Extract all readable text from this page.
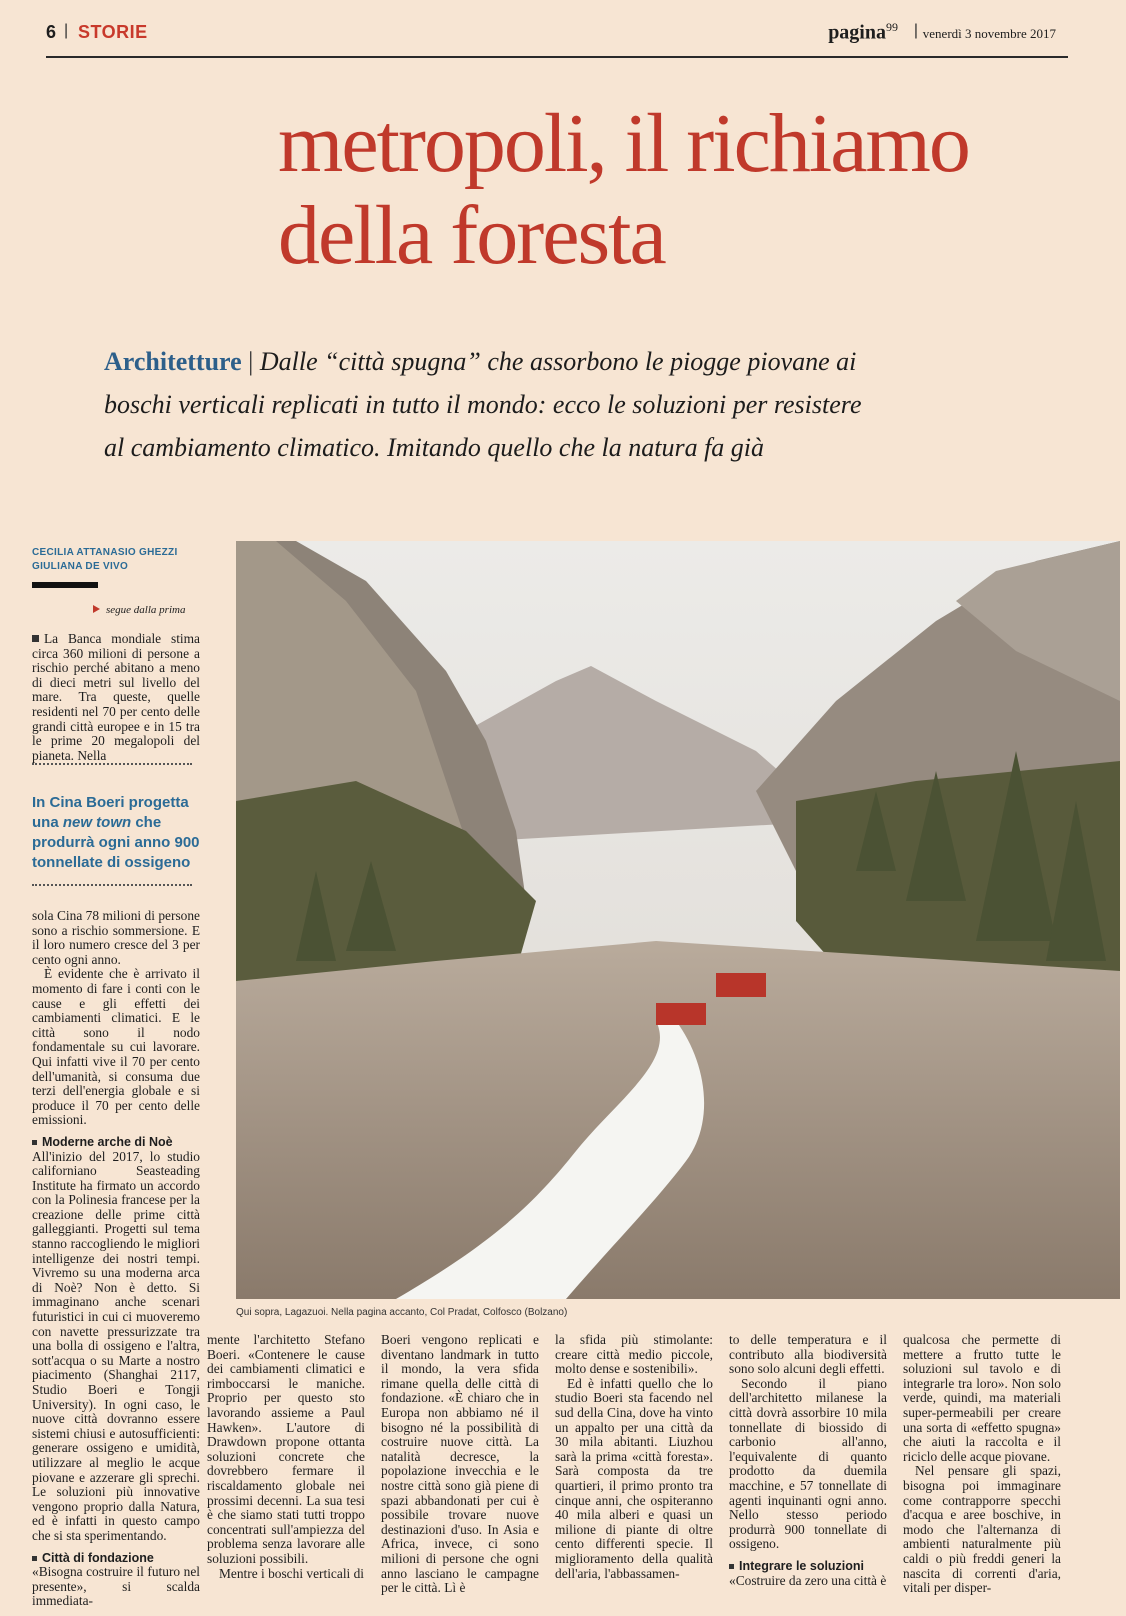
6 | STORIE	pagina$^{99}$ | venerdì 3 novembre 2017
metropoli, il richiamo
della foresta
Architetture | Dalle “città spugna” che assorbono le piogge piovane ai boschi verticali replicati in tutto il mondo: ecco le soluzioni per resistere al cambiamento climatico. Imitando quello che la natura fa già
CECILIA ATTANASIO GHEZZI
GIULIANA DE VIVO
segue dalla prima

La Banca mondiale stima circa 360 milioni di persone a rischio perché abitano a meno di dieci metri sul livello del mare. Tra queste, quelle residenti nel 70 per cento delle grandi città europee e in 15 tra le prime 20 megalopoli del pianeta. Nella

In Cina Boeri progetta una new town che produrrà ogni anno 900 tonnellate di ossigeno

sola Cina 78 milioni di persone sono a rischio sommersione. E il loro numero cresce del 3 per cento ogni anno.

È evidente che è arrivato il momento di fare i conti con le cause e gli effetti dei cambiamenti climatici. E le città sono il nodo fondamentale su cui lavorare. Qui infatti vive il 70 per cento dell'umanità, si consuma due terzi dell'energia globale e si produce il 70 per cento delle emissioni.

Moderne arche di Noè

All'inizio del 2017, lo studio californiano Seasteading Institute ha firmato un accordo con la Polinesia francese per la creazione delle prime città galleggianti. Progetti sul tema stanno raccogliendo le migliori intelligenze dei nostri tempi. Vivremo su una moderna arca di Noè? Non è detto. Si immaginano anche scenari futuristici in cui ci muoveremo con navette pressurizzate tra una bolla di ossigeno e l'altra, sott'acqua o su Marte a nostro piacimento (Shanghai 2117, Studio Boeri e Tongji University). In ogni caso, le nuove città dovranno essere sistemi chiusi e autosufficienti: generare ossigeno e umidità, utilizzare al meglio le acque piovane e azzerare gli sprechi. Le soluzioni più innovative vengono proprio dalla Natura, ed è infatti in questo campo che si sta sperimentando.

Città di fondazione

«Bisogna costruire il futuro nel presente», si scalda immediata-

Qui sopra, Lagazuoi. Nella pagina accanto, Col Pradat, Colfosco (Bolzano)

mente l'architetto Stefano Boeri. «Contenere le cause dei cambiamenti climatici e rimboccarsi le maniche. Proprio per questo sto lavorando assieme a Paul Hawken». L'autore di Drawdown propone ottanta soluzioni concrete che dovrebbero fermare il riscaldamento globale nei prossimi decenni. La sua tesi è che siamo stati tutti troppo concentrati sull'ampiezza del problema senza lavorare alle soluzioni possibili.

Mentre i boschi verticali di

Boeri vengono replicati e diventano landmark in tutto il mondo, la vera sfida rimane quella delle città di fondazione. «È chiaro che in Europa non abbiamo né il bisogno né la possibilità di costruire nuove città. La natalità decresce, la popolazione invecchia e le nostre città sono già piene di spazi abbandonati per cui è possibile trovare nuove destinazioni d'uso. In Asia e Africa, invece, ci sono milioni di persone che ogni anno lasciano le campagne per le città. Lì è

la sfida più stimolante: creare città medio piccole, molto dense e sostenibili».

Ed è infatti quello che lo studio Boeri sta facendo nel sud della Cina, dove ha vinto un appalto per una città da 30 mila abitanti. Liuzhou sarà la prima «città foresta». Sarà composta da tre quartieri, il primo pronto tra cinque anni, che ospiteranno 40 mila alberi e quasi un milione di piante di oltre cento differenti specie. Il miglioramento della qualità dell'aria, l'abbassamen-

to delle temperatura e il contributo alla biodiversità sono solo alcuni degli effetti.

Secondo il piano dell'architetto milanese la città dovrà assorbire 10 mila tonnellate di biossido di carbonio all'anno, l'equivalente di quanto prodotto da duemila macchine, e 57 tonnellate di agenti inquinanti ogni anno. Nello stesso periodo produrrà 900 tonnellate di ossigeno.

Integrare le soluzioni

«Costruire da zero una città è

qualcosa che permette di mettere a frutto tutte le soluzioni sul tavolo e di integrarle tra loro». Non solo verde, quindi, ma materiali super-permeabili per creare una sorta di «effetto spugna» che aiuti la raccolta e il riciclo delle acque piovane.

Nel pensare gli spazi, bisogna poi immaginare come contrapporre specchi d'acqua e aree boschive, in modo che l'alternanza di ambienti naturalmente più caldi o più freddi generi la nascita di correnti d'aria, vitali per disper-
